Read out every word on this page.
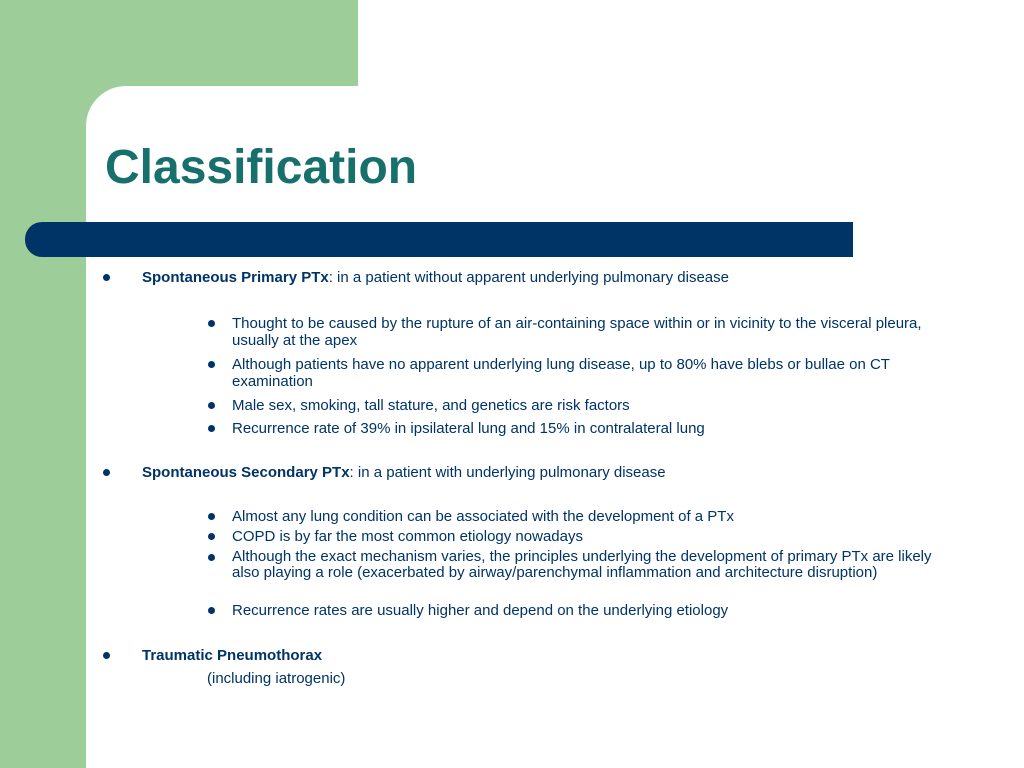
Classification
Spontaneous Primary PTx: in a patient without apparent underlying pulmonary disease
Thought to be caused by the rupture of an air-containing space within or in vicinity to the visceral pleura, usually at the apex
Although patients have no apparent underlying lung disease, up to 80% have blebs or bullae on CT examination
Male sex, smoking, tall stature, and genetics are risk factors
Recurrence rate of 39% in ipsilateral lung and 15% in contralateral lung
Spontaneous Secondary PTx: in a patient with underlying pulmonary disease
Almost any lung condition can be associated with the development of a PTx
COPD is by far the most common etiology nowadays
Although the exact mechanism varies, the principles underlying the development of primary PTx are likely also playing a role (exacerbated by airway/parenchymal inflammation and architecture disruption)
Recurrence rates are usually higher and depend on the underlying etiology
Traumatic Pneumothorax
(including iatrogenic)
